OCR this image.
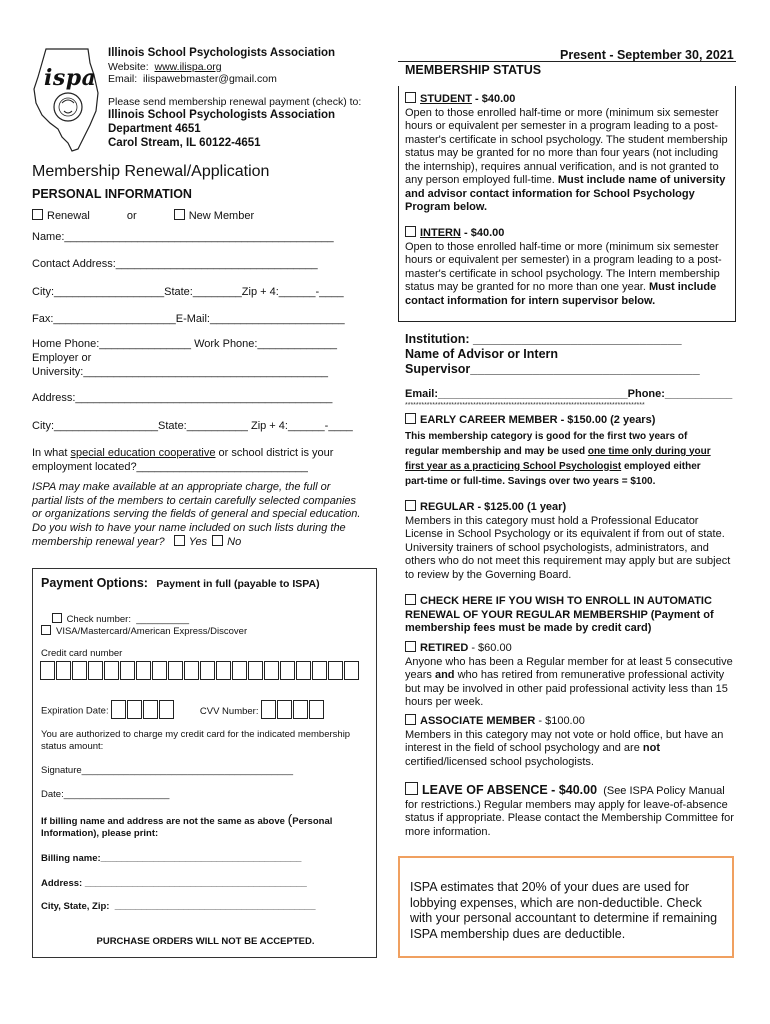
ispa
Illinois School Psychologists Association
Website: www.ilispa.org
Email: ilispawebmaster@gmail.com
Please send membership renewal payment (check) to:
Illinois School Psychologists Association
Department 4651
Carol Stream, IL 60122-4651
Membership Renewal/Application
PERSONAL INFORMATION
Renewal	or	New Member
Name:____________________________________________
Contact Address:_________________________________
City:__________________State:________Zip + 4:______-____
Fax:____________________E-Mail:______________________
Home Phone:_______________ Work Phone:_____________
Employer or
University:________________________________________
Address:__________________________________________
City:_________________State:__________ Zip + 4:______-____
In what special education cooperative or school district is your
employment located?____________________________
ISPA may make available at an appropriate charge, the full or partial lists of the members to certain carefully selected companies or organizations serving the fields of general and special education. Do you wish to have your name included on such lists during the membership renewal year? Yes No
Payment Options: Payment in full (payable to ISPA)

Check number:  __________

VISA/Mastercard/American Express/Discover
Credit card number
Expiration Date:	CVV Number:
You are authorized to charge my credit card for the indicated membership status amount:
Signature________________________________________
Date:____________________
If billing name and address are not the same as above (Personal
Information), please print:
Billing name:______________________________________
Address: __________________________________________
City, State, Zip:  ______________________________________
PURCHASE ORDERS WILL NOT BE ACCEPTED.
Present - September 30, 2021
MEMBERSHIP STATUS
STUDENT - $40.00
Open to those enrolled half-time or more (minimum six semester hours or equivalent per semester in a program leading to a post-master's certificate in school psychology. The student membership status may be granted for no more than four years (not including the internship), requires annual verification, and is not granted to any person employed full-time. Must include name of university and advisor contact information for School Psychology Program below.
INTERN - $40.00
Open to those enrolled half-time or more (minimum six semester hours or equivalent per semester) in a program leading to a post- master's certificate in school psychology. The Intern membership status may be granted for no more than one year. Must include contact information for intern supervisor below.
Institution: ______________________________
Name of Advisor or Intern
Supervisor_________________________________
Email:_______________________________Phone:___________
****************************************************************************************
EARLY CAREER MEMBER - $150.00 (2 years)
This membership category is good for the first two years of
regular membership and may be used one time only during your
first year as a practicing School Psychologist employed either
part-time or full-time. Savings over two years = $100.
REGULAR - $125.00 (1 year)
Members in this category must hold a Professional Educator License in School Psychology or its equivalent if from out of state. University trainers of school psychologists, administrators, and others who do not meet this requirement may apply but are subject to review by the Governing Board.
CHECK HERE IF YOU WISH TO ENROLL IN AUTOMATIC RENEWAL OF YOUR REGULAR MEMBERSHIP (Payment of membership fees must be made by credit card)
RETIRED - $60.00
Anyone who has been a Regular member for at least 5 consecutive years and who has retired from remunerative professional activity but may be involved in other paid professional activity less than 15 hours per week.
ASSOCIATE MEMBER - $100.00
Members in this category may not vote or hold office, but have an interest in the field of school psychology and are not certified/licensed school psychologists.
LEAVE OF ABSENCE - $40.00 (See ISPA Policy Manual
for restrictions.) Regular members may apply for leave-of-absence status if appropriate. Please contact the Membership Committee for more information.
ISPA estimates that 20% of your dues are used for lobbying expenses, which are non-deductible. Check with your personal accountant to determine if remaining ISPA membership dues are deductible.
